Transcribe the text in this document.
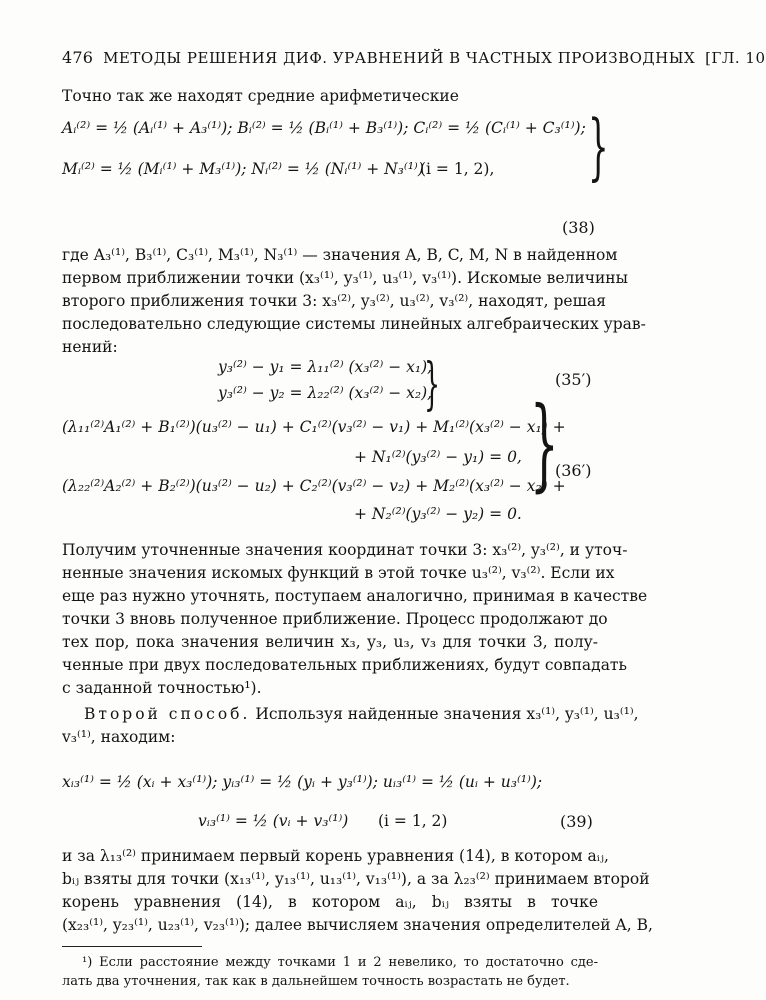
476 МЕТОДЫ РЕШЕНИЯ ДИФ. УРАВНЕНИЙ В ЧАСТНЫХ ПРОИЗВОДНЫХ [ГЛ. 10
Точно так же находят средние арифметические
Aᵢ⁽²⁾ = ½ (Aᵢ⁽¹⁾ + A₃⁽¹⁾); Bᵢ⁽²⁾ = ½ (Bᵢ⁽¹⁾ + B₃⁽¹⁾); Cᵢ⁽²⁾ = ½ (Cᵢ⁽¹⁾ + C₃⁽¹⁾);
Mᵢ⁽²⁾ = ½ (Mᵢ⁽¹⁾ + M₃⁽¹⁾); Nᵢ⁽²⁾ = ½ (Nᵢ⁽¹⁾ + N₃⁽¹⁾)
(i = 1, 2), }
(38)
где A₃⁽¹⁾, B₃⁽¹⁾, C₃⁽¹⁾, M₃⁽¹⁾, N₃⁽¹⁾ — значения A, B, C, M, N в найденном
первом приближении точки (x₃⁽¹⁾, y₃⁽¹⁾, u₃⁽¹⁾, v₃⁽¹⁾). Искомые величины
второго приближения точки 3: x₃⁽²⁾, y₃⁽²⁾, u₃⁽²⁾, v₃⁽²⁾, находят, решая
последовательно следующие системы линейных алгебраических урав-
нений:
y₃⁽²⁾ − y₁ = λ₁₁⁽²⁾ (x₃⁽²⁾ − x₁),
y₃⁽²⁾ − y₂ = λ₂₂⁽²⁾ (x₃⁽²⁾ − x₂),
}	(35′)
(λ₁₁⁽²⁾A₁⁽²⁾ + B₁⁽²⁾)(u₃⁽²⁾ − u₁) + C₁⁽²⁾(v₃⁽²⁾ − v₁) + M₁⁽²⁾(x₃⁽²⁾ − x₁) +
+ N₁⁽²⁾(y₃⁽²⁾ − y₁) = 0,
(λ₂₂⁽²⁾A₂⁽²⁾ + B₂⁽²⁾)(u₃⁽²⁾ − u₂) + C₂⁽²⁾(v₃⁽²⁾ − v₂) + M₂⁽²⁾(x₃⁽²⁾ − x₂) +
+ N₂⁽²⁾(y₃⁽²⁾ − y₂) = 0.
}
(36′)
Получим уточненные значения координат точки 3: x₃⁽²⁾, y₃⁽²⁾, и уточ-
ненные значения искомых функций в этой точке u₃⁽²⁾, v₃⁽²⁾. Если их
еще раз нужно уточнять, поступаем аналогично, принимая в качестве
точки 3 вновь полученное приближение. Процесс продолжают до
тех пор, пока значения величин x₃, y₃, u₃, v₃ для точки 3, полу-
ченные при двух последовательных приближениях, будут совпадать
с заданной точностью¹).
Второй способ. Используя найденные значения x₃⁽¹⁾, y₃⁽¹⁾, u₃⁽¹⁾,
v₃⁽¹⁾, находим:
xᵢ₃⁽¹⁾ = ½ (xᵢ + x₃⁽¹⁾); yᵢ₃⁽¹⁾ = ½ (yᵢ + y₃⁽¹⁾); uᵢ₃⁽¹⁾ = ½ (uᵢ + u₃⁽¹⁾);
vᵢ₃⁽¹⁾ = ½ (vᵢ + v₃⁽¹⁾) (i = 1, 2)	(39)
и за λ₁₃⁽²⁾ принимаем первый корень уравнения (14), в котором aᵢⱼ,
bᵢⱼ взяты для точки (x₁₃⁽¹⁾, y₁₃⁽¹⁾, u₁₃⁽¹⁾, v₁₃⁽¹⁾), а за λ₂₃⁽²⁾ принимаем второй
корень уравнения (14), в котором aᵢⱼ, bᵢⱼ взяты в точке
(x₂₃⁽¹⁾, y₂₃⁽¹⁾, u₂₃⁽¹⁾, v₂₃⁽¹⁾); далее вычисляем значения определителей A, B,
¹) Если расстояние между точками 1 и 2 невелико, то достаточно сде-
лать два уточнения, так как в дальнейшем точность возрастать не будет.
